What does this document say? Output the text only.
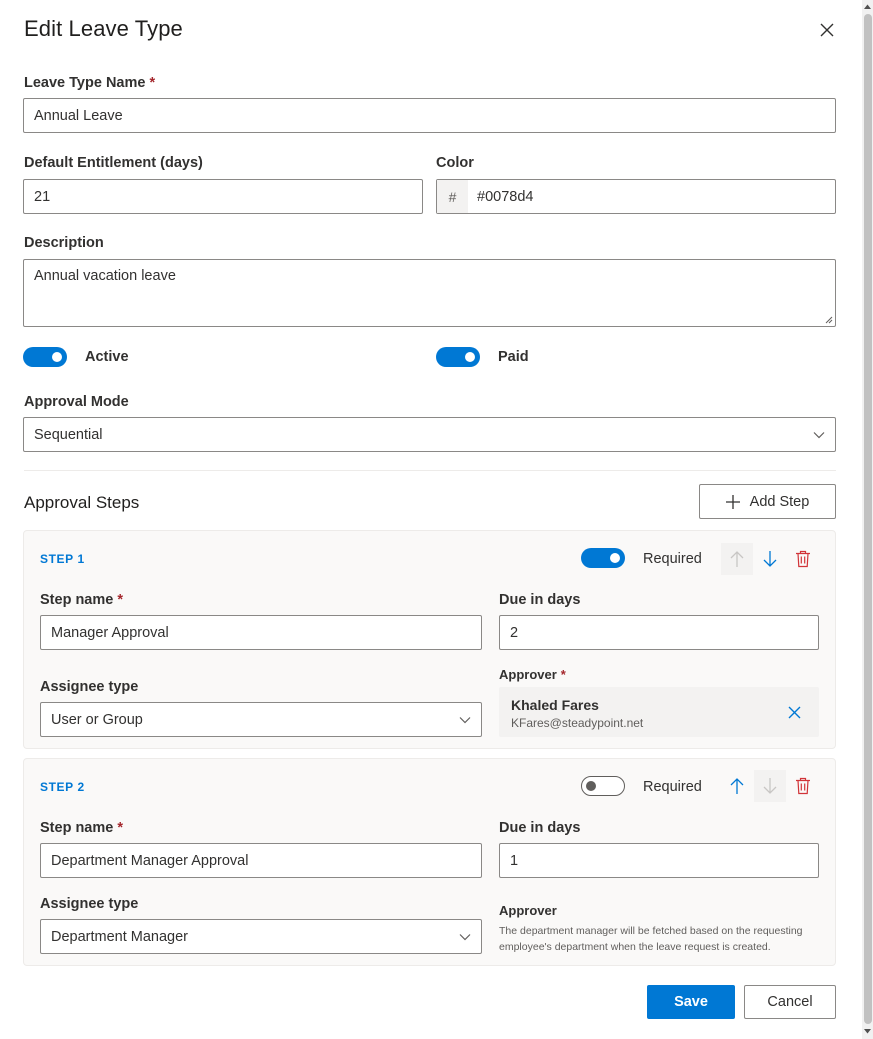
Edit Leave Type
Leave Type Name *
Annual Leave
Default Entitlement (days)
21
Color
#	#0078d4
Description
Annual vacation leave
Active	Paid
Approval Mode
Sequential
Approval Steps	Add Step
STEP 1	Required
Step name *
Manager Approval
Due in days
2
Assignee type
User or Group
Approver *
Khaled Fares
KFares@steadypoint.net
STEP 2	Required
Step name *
Department Manager Approval
Due in days
1
Assignee type
Department Manager
Approver
The department manager will be fetched based on the requesting employee's department when the leave request is created.
Save	Cancel
